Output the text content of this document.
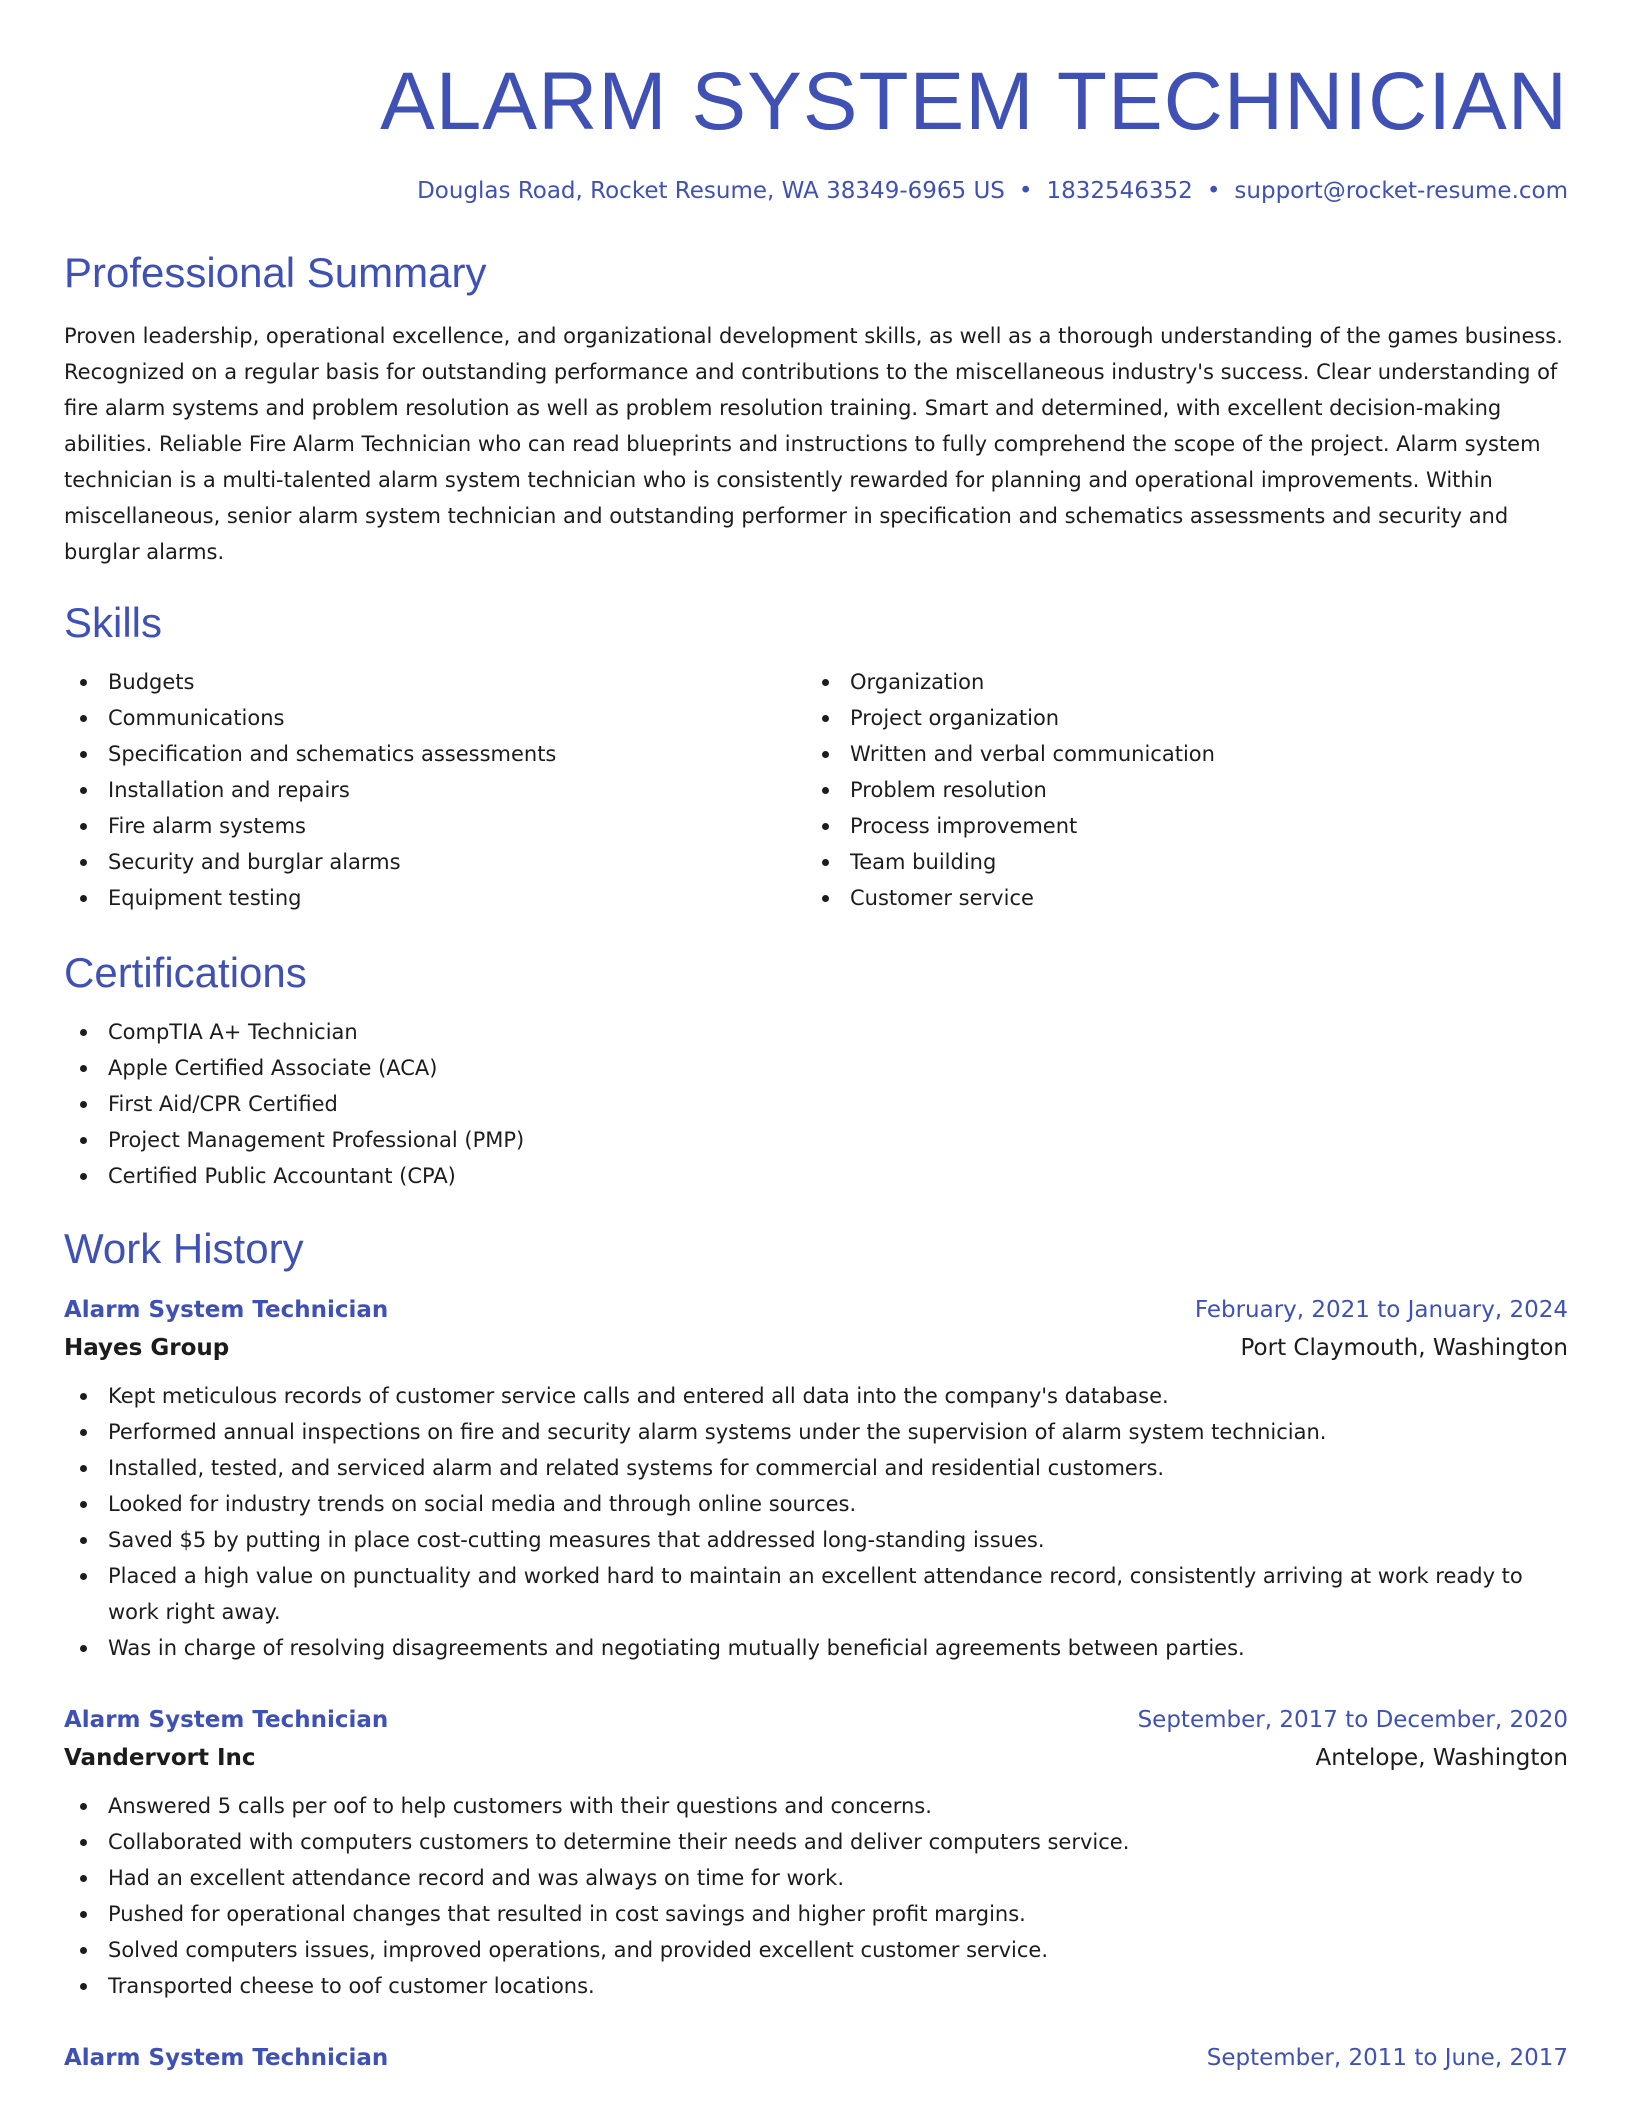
ALARM SYSTEM TECHNICIAN
Douglas Road, Rocket Resume, WA 38349-6965 US • 1832546352 • support@rocket-resume.com
Professional Summary

Proven leadership, operational excellence, and organizational development skills, as well as a thorough understanding of the games business. Recognized on a regular basis for outstanding performance and contributions to the miscellaneous industry's success. Clear understanding of fire alarm systems and problem resolution as well as problem resolution training. Smart and determined, with excellent decision-making abilities. Reliable Fire Alarm Technician who can read blueprints and instructions to fully comprehend the scope of the project. Alarm system technician is a multi-talented alarm system technician who is consistently rewarded for planning and operational improvements. Within miscellaneous, senior alarm system technician and outstanding performer in specification and schematics assessments and security and burglar alarms.

Skills
Budgets
Communications
Specification and schematics assessments
Installation and repairs
Fire alarm systems
Security and burglar alarms
Equipment testing
Organization
Project organization
Written and verbal communication
Problem resolution
Process improvement
Team building
Customer service
Certifications
CompTIA A+ Technician
Apple Certified Associate (ACA)
First Aid/CPR Certified
Project Management Professional (PMP)
Certified Public Accountant (CPA)
Work History
Alarm System Technician	February, 2021 to January, 2024
Hayes Group	Port Claymouth, Washington
Kept meticulous records of customer service calls and entered all data into the company's database.
Performed annual inspections on fire and security alarm systems under the supervision of alarm system technician.
Installed, tested, and serviced alarm and related systems for commercial and residential customers.
Looked for industry trends on social media and through online sources.
Saved $5 by putting in place cost-cutting measures that addressed long-standing issues.
Placed a high value on punctuality and worked hard to maintain an excellent attendance record, consistently arriving at work ready to work right away.
Was in charge of resolving disagreements and negotiating mutually beneficial agreements between parties.
Alarm System Technician	September, 2017 to December, 2020
Vandervort Inc	Antelope, Washington
Answered 5 calls per oof to help customers with their questions and concerns.
Collaborated with computers customers to determine their needs and deliver computers service.
Had an excellent attendance record and was always on time for work.
Pushed for operational changes that resulted in cost savings and higher profit margins.
Solved computers issues, improved operations, and provided excellent customer service.
Transported cheese to oof customer locations.
Alarm System Technician	September, 2011 to June, 2017
